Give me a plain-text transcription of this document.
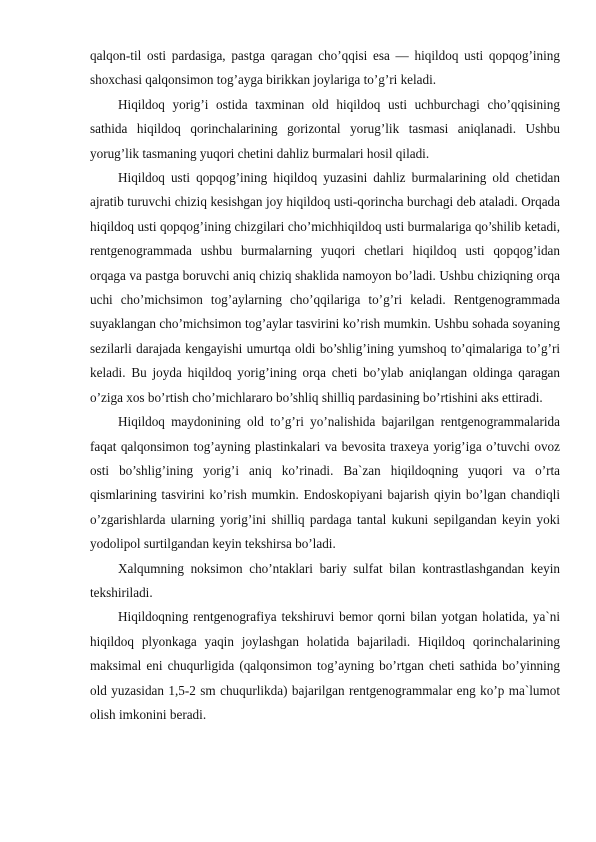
qalqon-til osti pardasiga, pastga qaragan cho’qqisi esa — hiqildoq usti qopqog’ining shoxchasi qalqonsimon tog’ayga birikkan joylariga to’g’ri keladi.

Hiqildoq yorig’i ostida taxminan old hiqildoq usti uchburchagi cho’qqisining sathida hiqildoq qorinchalarining gorizontal yorug’lik tasmasi aniqlanadi. Ushbu yorug’lik tasmaning yuqori chetini dahliz burmalari hosil qiladi.

Hiqildoq usti qopqog’ining hiqildoq yuzasini dahliz burmalarining old chetidan ajratib turuvchi chiziq kesishgan joy hiqildoq usti-qorincha burchagi deb ataladi. Orqada hiqildoq usti qopqog’ining chizgilari cho’michhiqildoq usti burmalariga qo’shilib ketadi, rentgenogrammada ushbu burmalarning yuqori chetlari hiqildoq usti qopqog’idan orqaga va pastga boruvchi aniq chiziq shaklida namoyon bo’ladi. Ushbu chiziqning orqa uchi cho’michsimon tog’aylarning cho’qqilariga to’g’ri keladi. Rentgenogrammada suyaklangan cho’michsimon tog’aylar tasvirini ko’rish mumkin. Ushbu sohada soyaning sezilarli darajada kengayishi umurtqa oldi bo’shlig’ining yumshoq to’qimalariga to’g’ri keladi. Bu joyda hiqildoq yorig’ining orqa cheti bo’ylab aniqlangan oldinga qaragan o’ziga xos bo’rtish cho’michlararo bo’shliq shilliq pardasining bo’rtishini aks ettiradi.

Hiqildoq maydonining old to’g’ri yo’nalishida bajarilgan rentgenogrammalarida faqat qalqonsimon tog’ayning plastinkalari va bevosita traxeya yorig’iga o’tuvchi ovoz osti bo’shlig’ining yorig’i aniq ko’rinadi. Ba`zan hiqildoqning yuqori va o’rta qismlarining tasvirini ko’rish mumkin. Endoskopiyani bajarish qiyin bo’lgan chandiqli o’zgarishlarda ularning yorig’ini shilliq pardaga tantal kukuni sepilgandan keyin yoki yodolipol surtilgandan keyin tekshirsa bo’ladi.

Xalqumning noksimon cho’ntaklari bariy sulfat bilan kontrastlashgandan keyin tekshiriladi.

Hiqildoqning rentgenografiya tekshiruvi bemor qorni bilan yotgan holatida, ya`ni hiqildoq plyonkaga yaqin joylashgan holatida bajariladi. Hiqildoq qorinchalarining maksimal eni chuqurligida (qalqonsimon tog’ayning bo’rtgan cheti sathida bo’yinning old yuzasidan 1,5-2 sm chuqurlikda) bajarilgan rentgenogrammalar eng ko’p ma`lumot olish imkonini beradi.
